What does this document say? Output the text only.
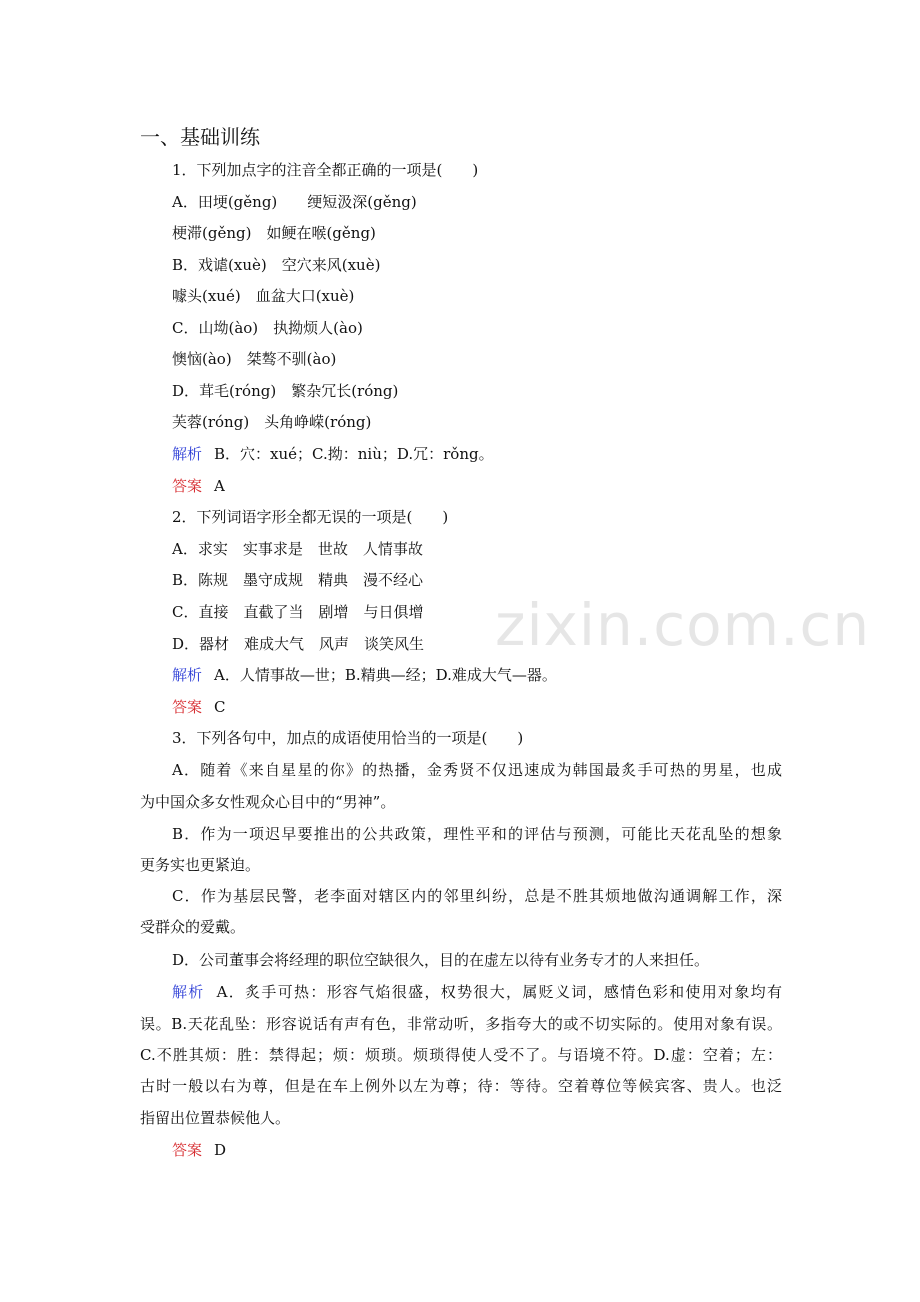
zixin.com.cn
一、基础训练
1．下列加点字的注音全都正确的一项是(　　)
A．田埂(gěng)　　绠短汲深(gěng)
梗滞(gěng)　如鲠在喉(gěng)
B．戏谑(xuè)　空穴来风(xuè)
噱头(xué)　血盆大口(xuè)
C．山坳(ào)　执拗烦人(ào)
懊恼(ào)　桀骜不驯(ào)
D．茸毛(róng)　繁杂冗长(róng)
芙蓉(róng)　头角峥嵘(róng)
解析 B．穴：xué；C.拗：niù；D.冗：rǒng。
答案 A
2．下列词语字形全都无误的一项是(　　)
A．求实　实事求是　世故　人情事故
B．陈规　墨守成规　精典　漫不经心
C．直接　直截了当　剧增　与日俱增
D．器材　难成大气　风声　谈笑风生
解析 A．人情事故—世；B.精典—经；D.难成大气—器。
答案 C
3．下列各句中，加点的成语使用恰当的一项是(　　)
A．随着《来自星星的你》的热播，金秀贤不仅迅速成为韩国最炙手可热的男星，也成
为中国众多女性观众心目中的“男神”。
B．作为一项迟早要推出的公共政策，理性平和的评估与预测，可能比天花乱坠的想象
更务实也更紧迫。
C．作为基层民警，老李面对辖区内的邻里纠纷，总是不胜其烦地做沟通调解工作，深
受群众的爱戴。
D．公司董事会将经理的职位空缺很久，目的在虚左以待有业务专才的人来担任。
解析 A．炙手可热：形容气焰很盛，权势很大，属贬义词，感情色彩和使用对象均有
误。B.天花乱坠：形容说话有声有色，非常动听，多指夸大的或不切实际的。使用对象有误。
C.不胜其烦：胜：禁得起；烦：烦琐。烦琐得使人受不了。与语境不符。D.虚：空着；左：
古时一般以右为尊，但是在车上例外以左为尊；待：等待。空着尊位等候宾客、贵人。也泛
指留出位置恭候他人。
答案 D
